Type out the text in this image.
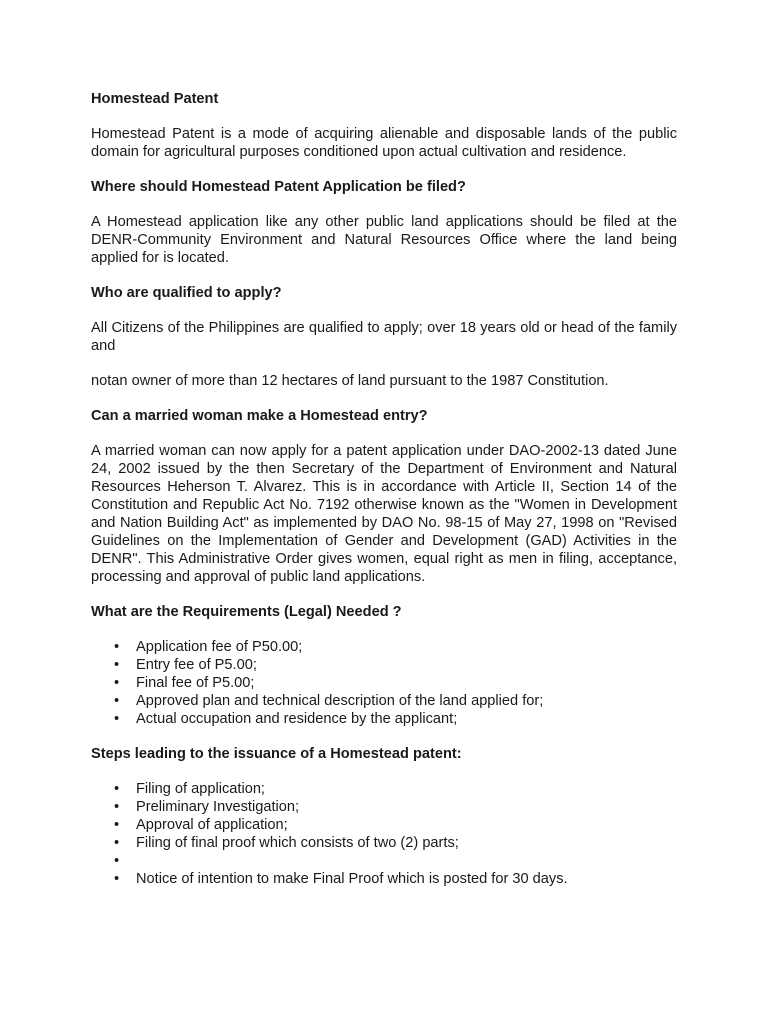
Homestead Patent

Homestead Patent is a mode of acquiring alienable and disposable lands of the public domain for agricultural purposes conditioned upon actual cultivation and residence.

Where should Homestead Patent Application be filed?

A Homestead application like any other public land applications should be filed at the DENR-Community Environment and Natural Resources Office where the land being applied for is located.

Who are qualified to apply?

All Citizens of the Philippines are qualified to apply; over 18 years old or head of the family and

notan owner of more than 12 hectares of land pursuant to the 1987 Constitution.

Can a married woman make a Homestead entry?

A married woman can now apply for a patent application under DAO-2002-13 dated June 24, 2002 issued by the then Secretary of the Department of Environment and Natural Resources Heherson T. Alvarez. This is in accordance with Article II, Section 14 of the Constitution and Republic Act No. 7192 otherwise known as the "Women in Development and Nation Building Act" as implemented by DAO No. 98-15 of May 27, 1998 on "Revised Guidelines on the Implementation of Gender and Development (GAD) Activities in the DENR". This Administrative Order gives women, equal right as men in filing, acceptance, processing and approval of public land applications.

What are the Requirements (Legal) Needed ?

• Application fee of P50.00;
• Entry fee of P5.00;
• Final fee of P5.00;
• Approved plan and technical description of the land applied for;
• Actual occupation and residence by the applicant;

Steps leading to the issuance of a Homestead patent:

• Filing of application;
• Preliminary Investigation;
• Approval of application;
• Filing of final proof which consists of two (2) parts;
•
• Notice of intention to make Final Proof which is posted for 30 days.
